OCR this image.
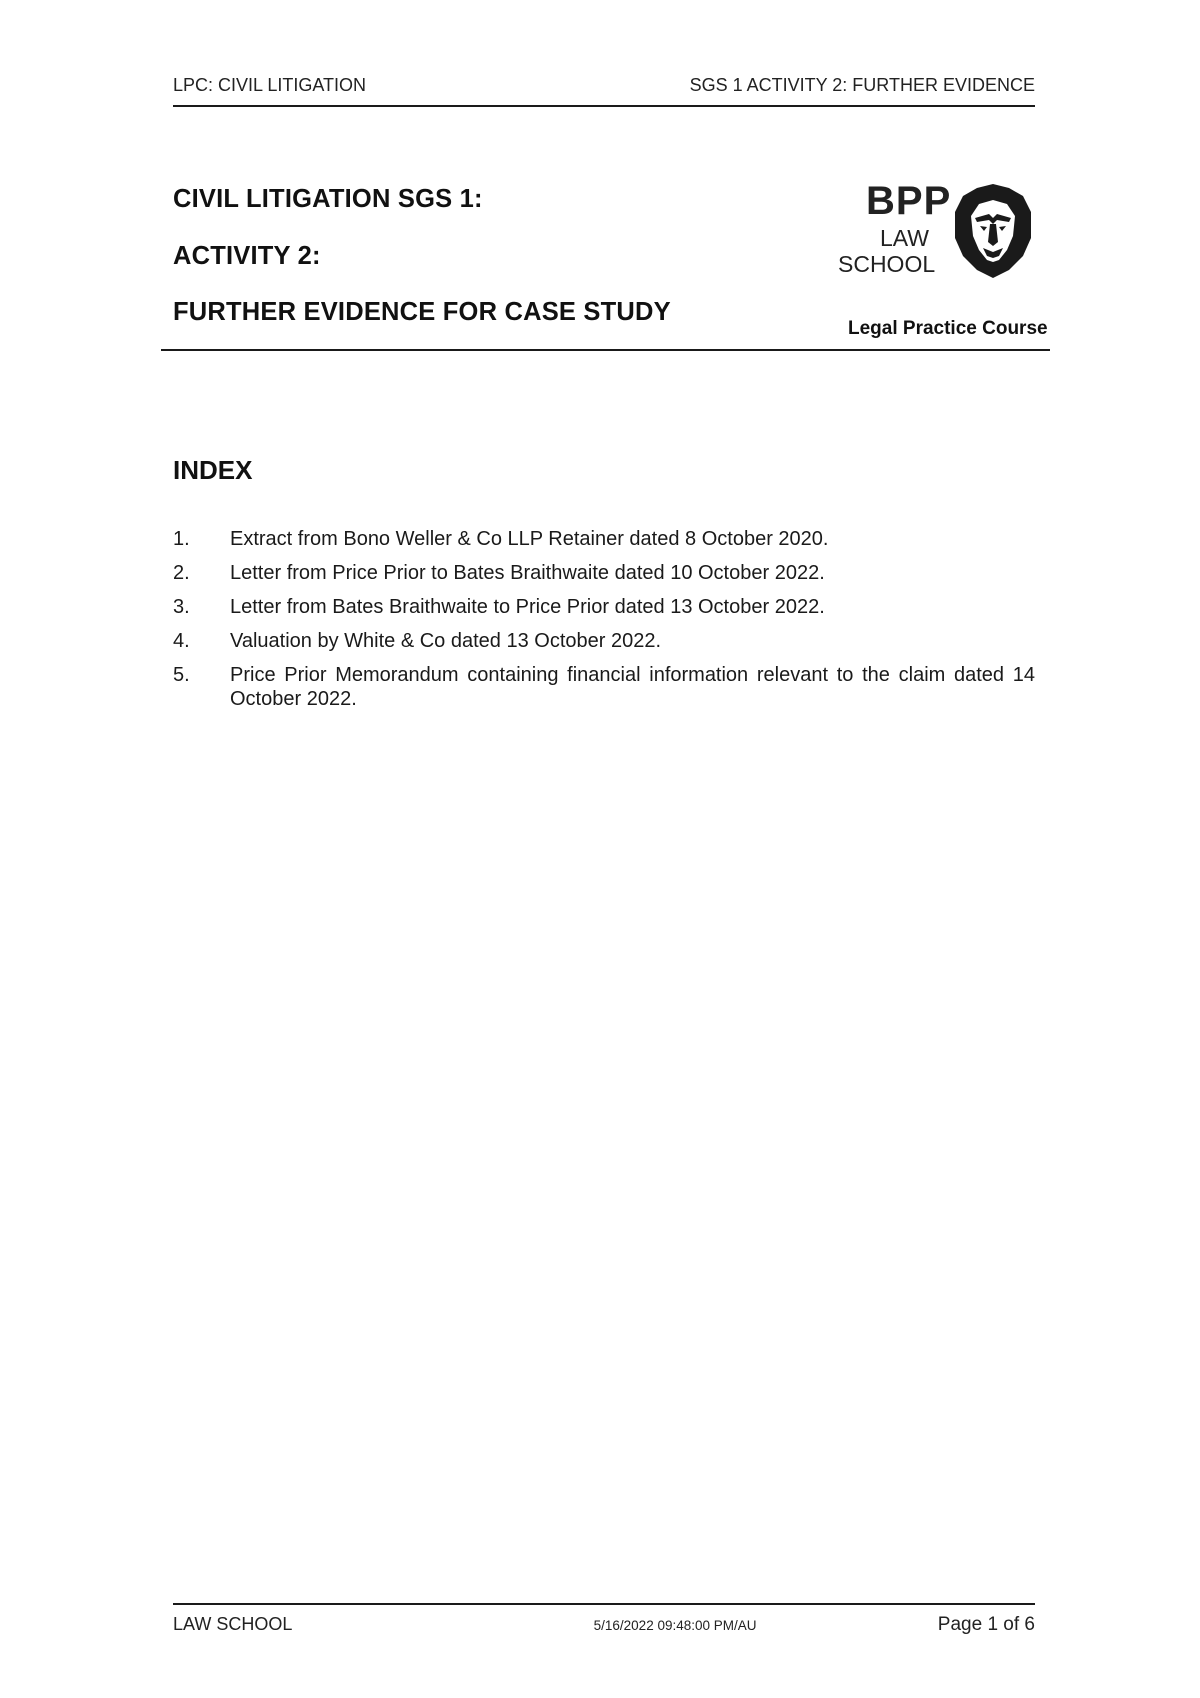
LPC: CIVIL LITIGATION	SGS 1 ACTIVITY 2: FURTHER EVIDENCE
CIVIL LITIGATION SGS 1:
ACTIVITY 2:
FURTHER EVIDENCE FOR CASE STUDY
BPP
LAW
SCHOOL
Legal Practice Course
INDEX
1.	Extract from Bono Weller & Co LLP Retainer dated 8 October 2020.
2.	Letter from Price Prior to Bates Braithwaite dated 10 October 2022.
3.	Letter from Bates Braithwaite to Price Prior dated 13 October 2022.
4.	Valuation by White & Co dated 13 October 2022.
5.	Price Prior Memorandum containing financial information relevant to the claim dated 14 October 2022.
LAW SCHOOL	5/16/2022 09:48:00 PM/AU	Page 1 of 6
